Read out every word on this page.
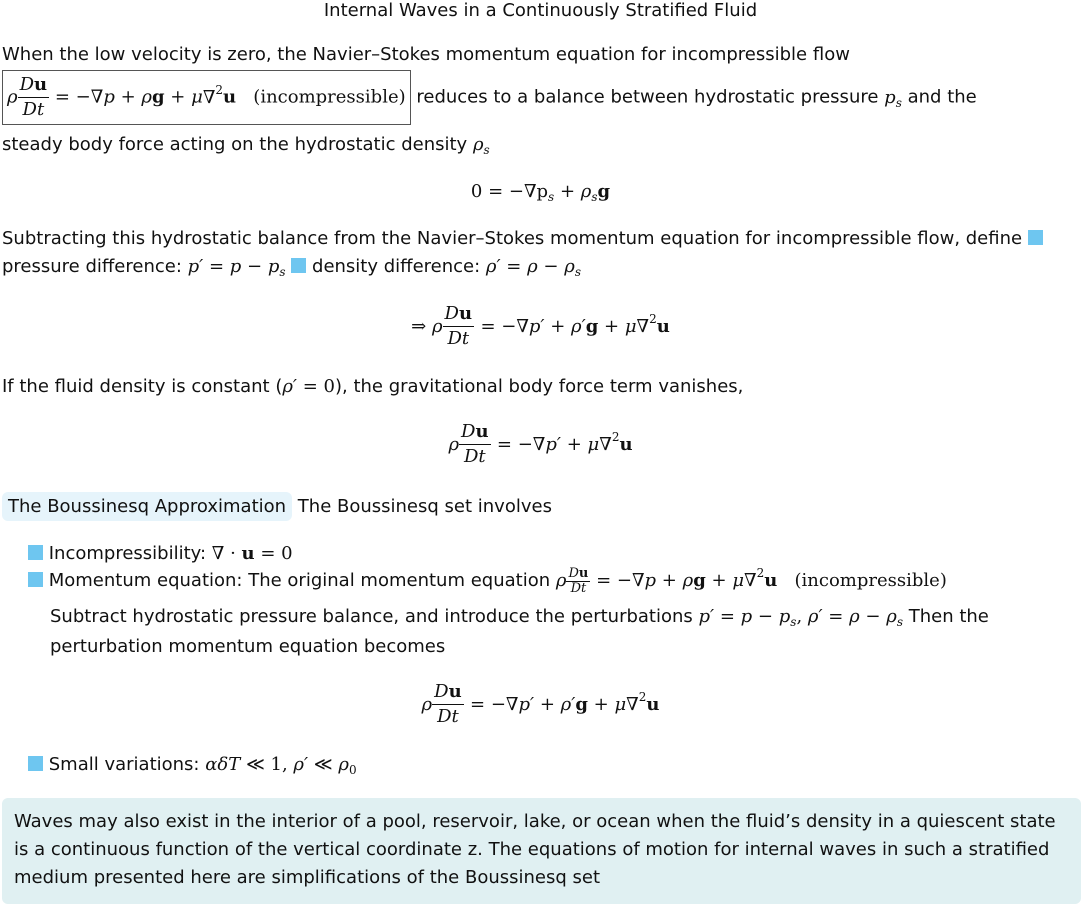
Internal Waves in a Continuously Stratified Fluid
When the low velocity is zero, the Navier–Stokes momentum equation for incompressible flow
ρ $\frac{Du}{Dt} = -\nabla p + \rho g + \mu\nabla^2u$ (incompressible) reduces to a balance between hydrostatic pressure $p_s$ and the
steady body force acting on the hydrostatic density $\rho_s$
$0 = -\nabla p_s + \rho_sg$
Subtracting this hydrostatic balance from the Navier–Stokes momentum equation for incompressible flow, define
pressure difference: $p' = p - p_s$ density difference: $\rho' = \rho - \rho_s$
⇒ ρ $\frac{Du}{Dt} = -\nabla p' + \rho'g + \mu\nabla^2u$
If the fluid density is constant (ρ′ = 0), the gravitational body force term vanishes,
ρ $\frac{Du}{Dt} = -\nabla p' + \mu\nabla^2u$
The Boussinesq Approximation The Boussinesq set involves
Incompressibility: ∇ · u = 0
Momentum equation: The original momentum equation ρ $\frac{Du}{Dt} = -\nabla p + \rho g + \mu\nabla^2u$ (incompressible)
Subtract hydrostatic pressure balance, and introduce the perturbations $p' = p - p_s$, $\rho' = \rho - \rho_s$ Then the
perturbation momentum equation becomes
ρ $\frac{Du}{Dt} = -\nabla p' + \rho'g + \mu\nabla^2u$
Small variations: αδT ≪ 1, ρ′ ≪ $\rho_0$
Waves may also exist in the interior of a pool, reservoir, lake, or ocean when the fluid’s density in a quiescent state is a continuous function of the vertical coordinate z. The equations of motion for internal waves in such a stratified medium presented here are simplifications of the Boussinesq set
